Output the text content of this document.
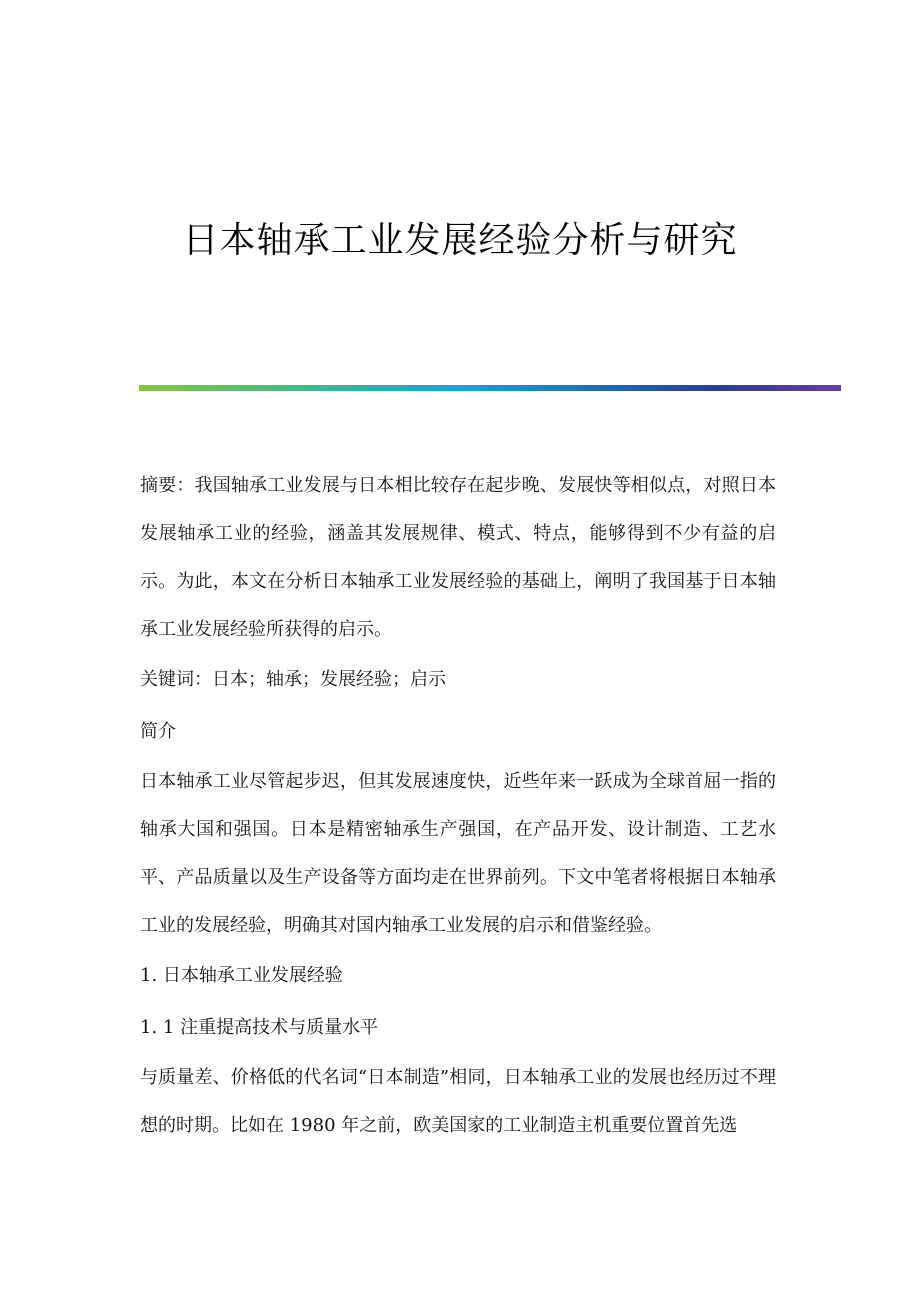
日本轴承工业发展经验分析与研究

摘要：我国轴承工业发展与日本相比较存在起步晚、发展快等相似点，对照日本发展轴承工业的经验，涵盖其发展规律、模式、特点，能够得到不少有益的启示。为此，本文在分析日本轴承工业发展经验的基础上，阐明了我国基于日本轴承工业发展经验所获得的启示。

关键词：日本；轴承；发展经验；启示

简介

日本轴承工业尽管起步迟，但其发展速度快，近些年来一跃成为全球首屈一指的轴承大国和强国。日本是精密轴承生产强国，在产品开发、设计制造、工艺水平、产品质量以及生产设备等方面均走在世界前列。下文中笔者将根据日本轴承工业的发展经验，明确其对国内轴承工业发展的启示和借鉴经验。

1. 日本轴承工业发展经验

1. 1 注重提高技术与质量水平

与质量差、价格低的代名词“日本制造”相同，日本轴承工业的发展也经历过不理想的时期。比如在 1980 年之前，欧美国家的工业制造主机重要位置首先选
